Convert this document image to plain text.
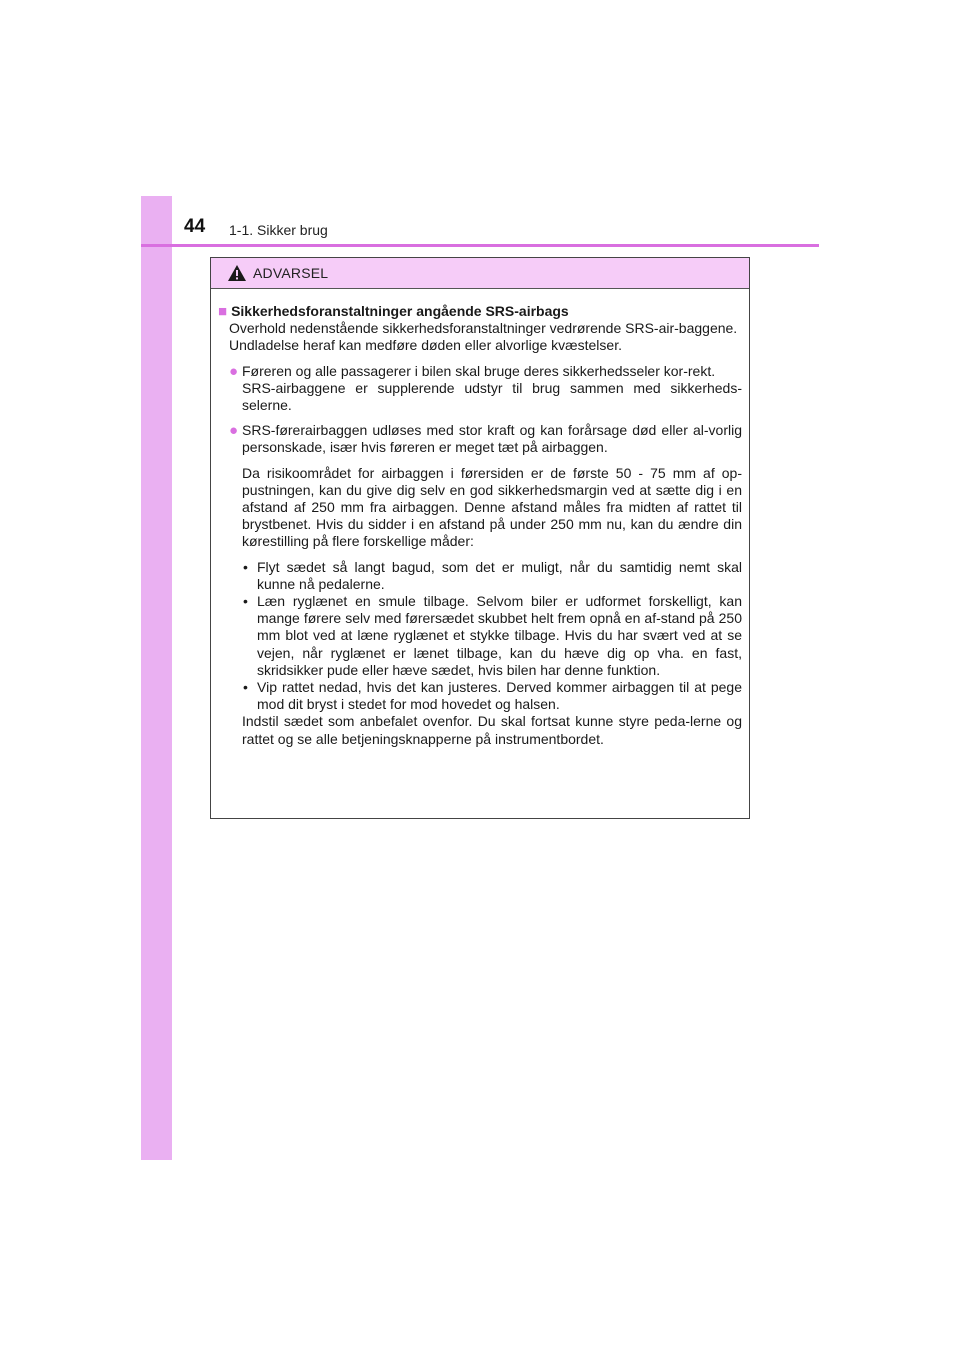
44 1-1. Sikker brug
ADVARSEL
■ Sikkerhedsforanstaltninger angående SRS-airbags

Overhold nedenstående sikkerhedsforanstaltninger vedrørende SRS-air-baggene.

Undladelse heraf kan medføre døden eller alvorlige kvæstelser.

● Føreren og alle passagerer i bilen skal bruge deres sikkerhedsseler kor-rekt.

SRS-airbaggene er supplerende udstyr til brug sammen med sikkerheds-selerne.

● SRS-førerairbaggen udløses med stor kraft og kan forårsage død eller al-vorlig personskade, især hvis føreren er meget tæt på airbaggen.

Da risikoområdet for airbaggen i førersiden er de første 50 - 75 mm af op-pustningen, kan du give dig selv en god sikkerhedsmargin ved at sætte dig i en afstand af 250 mm fra airbaggen. Denne afstand måles fra midten af rattet til brystbenet. Hvis du sidder i en afstand på under 250 mm nu, kan du ændre din kørestilling på flere forskellige måder:

• Flyt sædet så langt bagud, som det er muligt, når du samtidig nemt skal kunne nå pedalerne.

• Læn ryglænet en smule tilbage. Selvom biler er udformet forskelligt, kan mange førere selv med førersædet skubbet helt frem opnå en af-stand på 250 mm blot ved at læne ryglænet et stykke tilbage. Hvis du har svært ved at se vejen, når ryglænet er lænet tilbage, kan du hæve dig op vha. en fast, skridsikker pude eller hæve sædet, hvis bilen har denne funktion.

• Vip rattet nedad, hvis det kan justeres. Derved kommer airbaggen til at pege mod dit bryst i stedet for mod hovedet og halsen.

Indstil sædet som anbefalet ovenfor. Du skal fortsat kunne styre peda-lerne og rattet og se alle betjeningsknapperne på instrumentbordet.
